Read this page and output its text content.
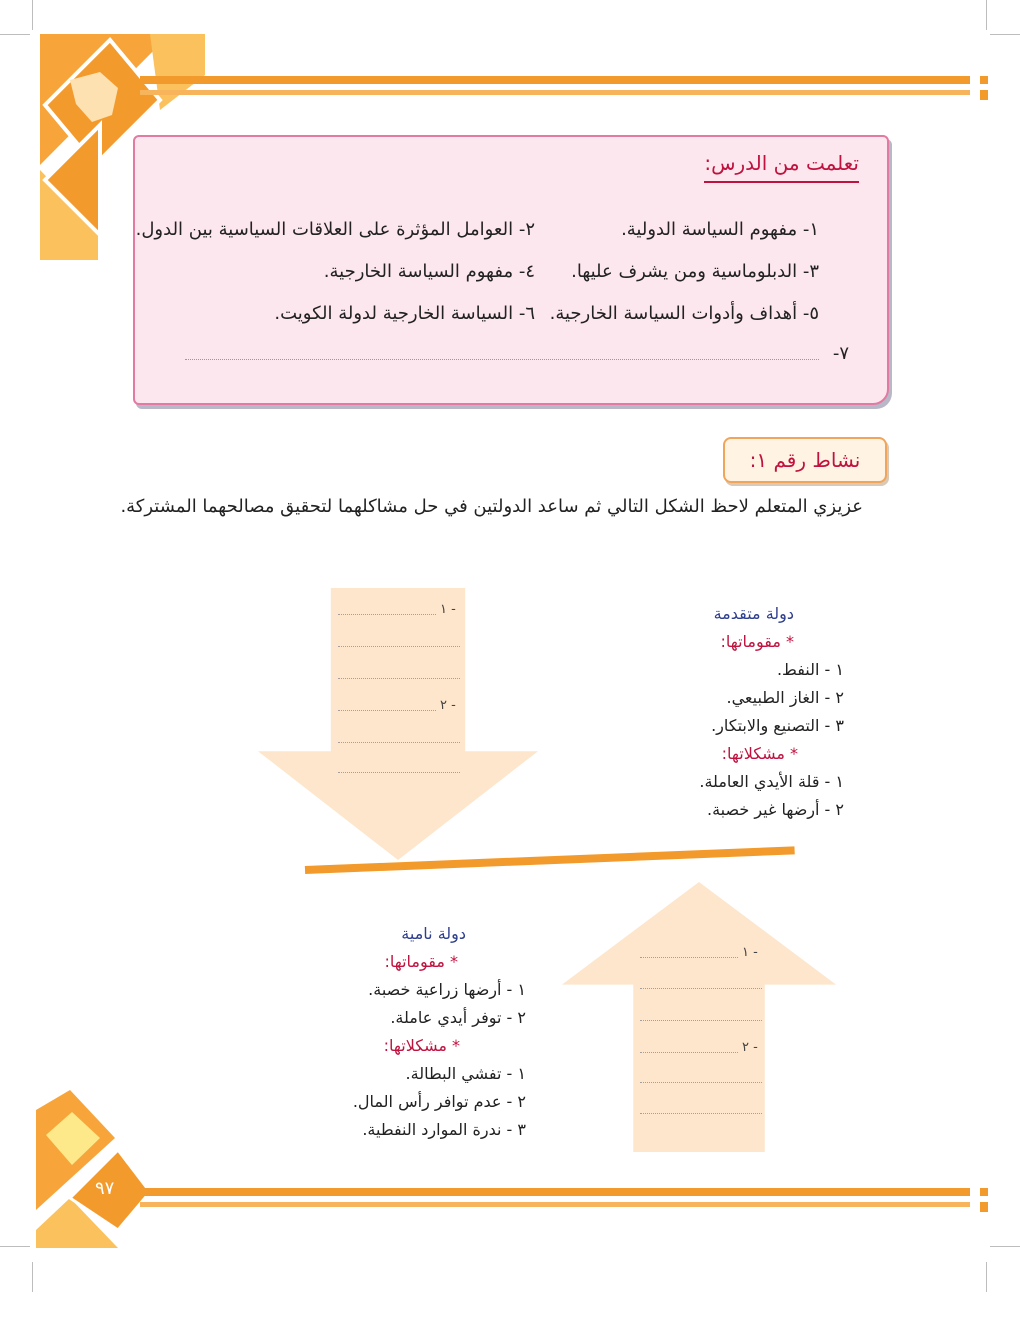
تعلمت من الدرس:
١- مفهوم السياسة الدولية.
٢- العوامل المؤثرة على العلاقات السياسية بين الدول.
٣- الدبلوماسية ومن يشرف عليها.
٤- مفهوم السياسة الخارجية.
٥- أهداف وأدوات السياسة الخارجية.
٦- السياسة الخارجية لدولة الكويت.
٧-
نشاط رقم ١:
عزيزي المتعلم لاحظ الشكل التالي ثم ساعد الدولتين في حل مشاكلهما لتحقيق مصالحهما المشتركة.
١ -
٢ -
دولة متقدمة
* مقوماتها:
١ - النفط.
٢ - الغاز الطبيعي.
٣ - التصنيع والابتكار.
* مشكلاتها:
١ - قلة الأيدي العاملة.
٢ - أرضها غير خصبة.
١ -
٢ -
دولة نامية
* مقوماتها:
١ - أرضها زراعية خصبة.
٢ - توفر أيدي عاملة.
* مشكلاتها:
١ - تفشي البطالة.
٢ - عدم توافر رأس المال.
٣ - ندرة الموارد النفطية.
٩٧
